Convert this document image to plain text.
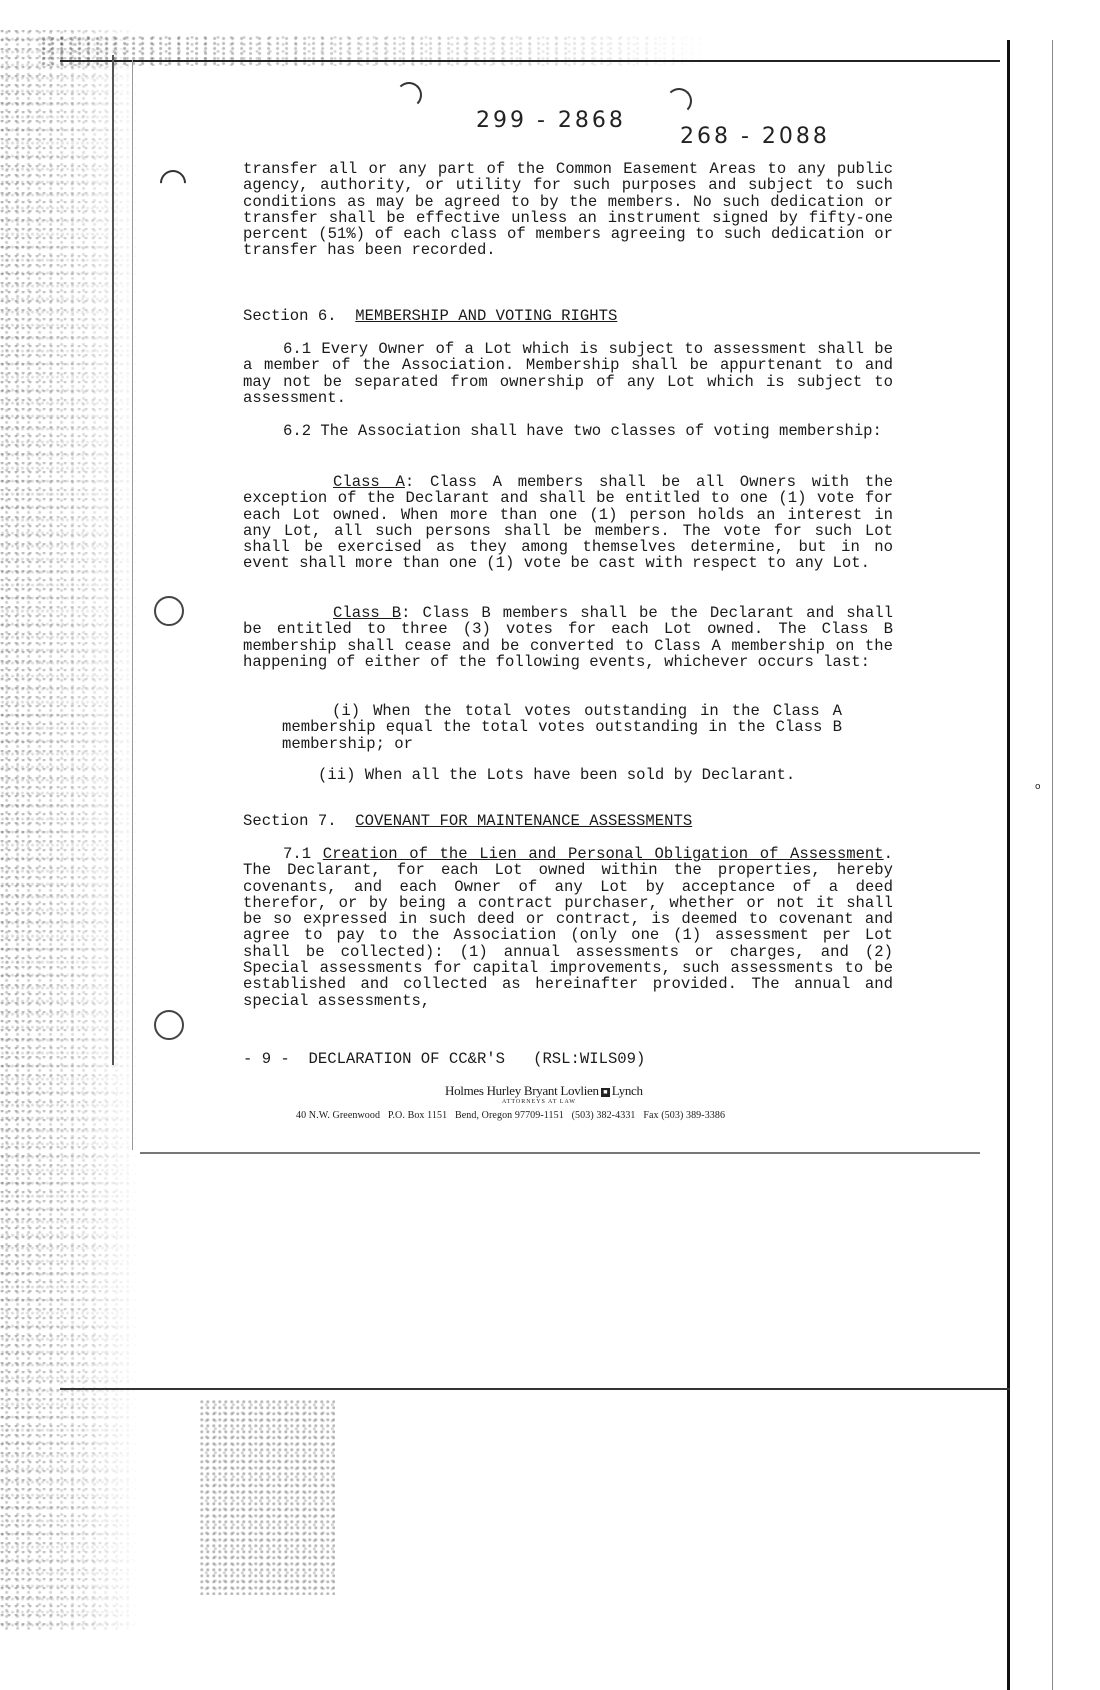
299 - 2868
268 - 2088
transfer all or any part of the Common Easement Areas to any public agency, authority, or utility for such purposes and subject to such conditions as may be agreed to by the members. No such dedication or transfer shall be effective unless an instrument signed by fifty-one percent (51%) of each class of members agreeing to such dedication or transfer has been recorded.
Section 6. MEMBERSHIP AND VOTING RIGHTS
6.1 Every Owner of a Lot which is subject to assessment shall be a member of the Association. Membership shall be appurtenant to and may not be separated from ownership of any Lot which is subject to assessment.
6.2 The Association shall have two classes of voting membership:
Class A: Class A members shall be all Owners with the exception of the Declarant and shall be entitled to one (1) vote for each Lot owned. When more than one (1) person holds an interest in any Lot, all such persons shall be members. The vote for such Lot shall be exercised as they among themselves determine, but in no event shall more than one (1) vote be cast with respect to any Lot.
Class B: Class B members shall be the Declarant and shall be entitled to three (3) votes for each Lot owned. The Class B membership shall cease and be converted to Class A membership on the happening of either of the following events, whichever occurs last:
(i) When the total votes outstanding in the Class A membership equal the total votes outstanding in the Class B membership; or
(ii) When all the Lots have been sold by Declarant.
Section 7. COVENANT FOR MAINTENANCE ASSESSMENTS
7.1 Creation of the Lien and Personal Obligation of Assessment. The Declarant, for each Lot owned within the properties, hereby covenants, and each Owner of any Lot by acceptance of a deed therefor, or by being a contract purchaser, whether or not it shall be so expressed in such deed or contract, is deemed to covenant and agree to pay to the Association (only one (1) assessment per Lot shall be collected): (1) annual assessments or charges, and (2) Special assessments for capital improvements, such assessments to be established and collected as hereinafter provided. The annual and special assessments,
- 9 -  DECLARATION OF CC&R'S   (RSL:WILS09)
Holmes Hurley Bryant Lovlien ■ Lynch
ATTORNEYS AT LAW
40 N.W. Greenwood   P.O. Box 1151   Bend, Oregon 97709-1151   (503) 382-4331   Fax (503) 389-3386
o
